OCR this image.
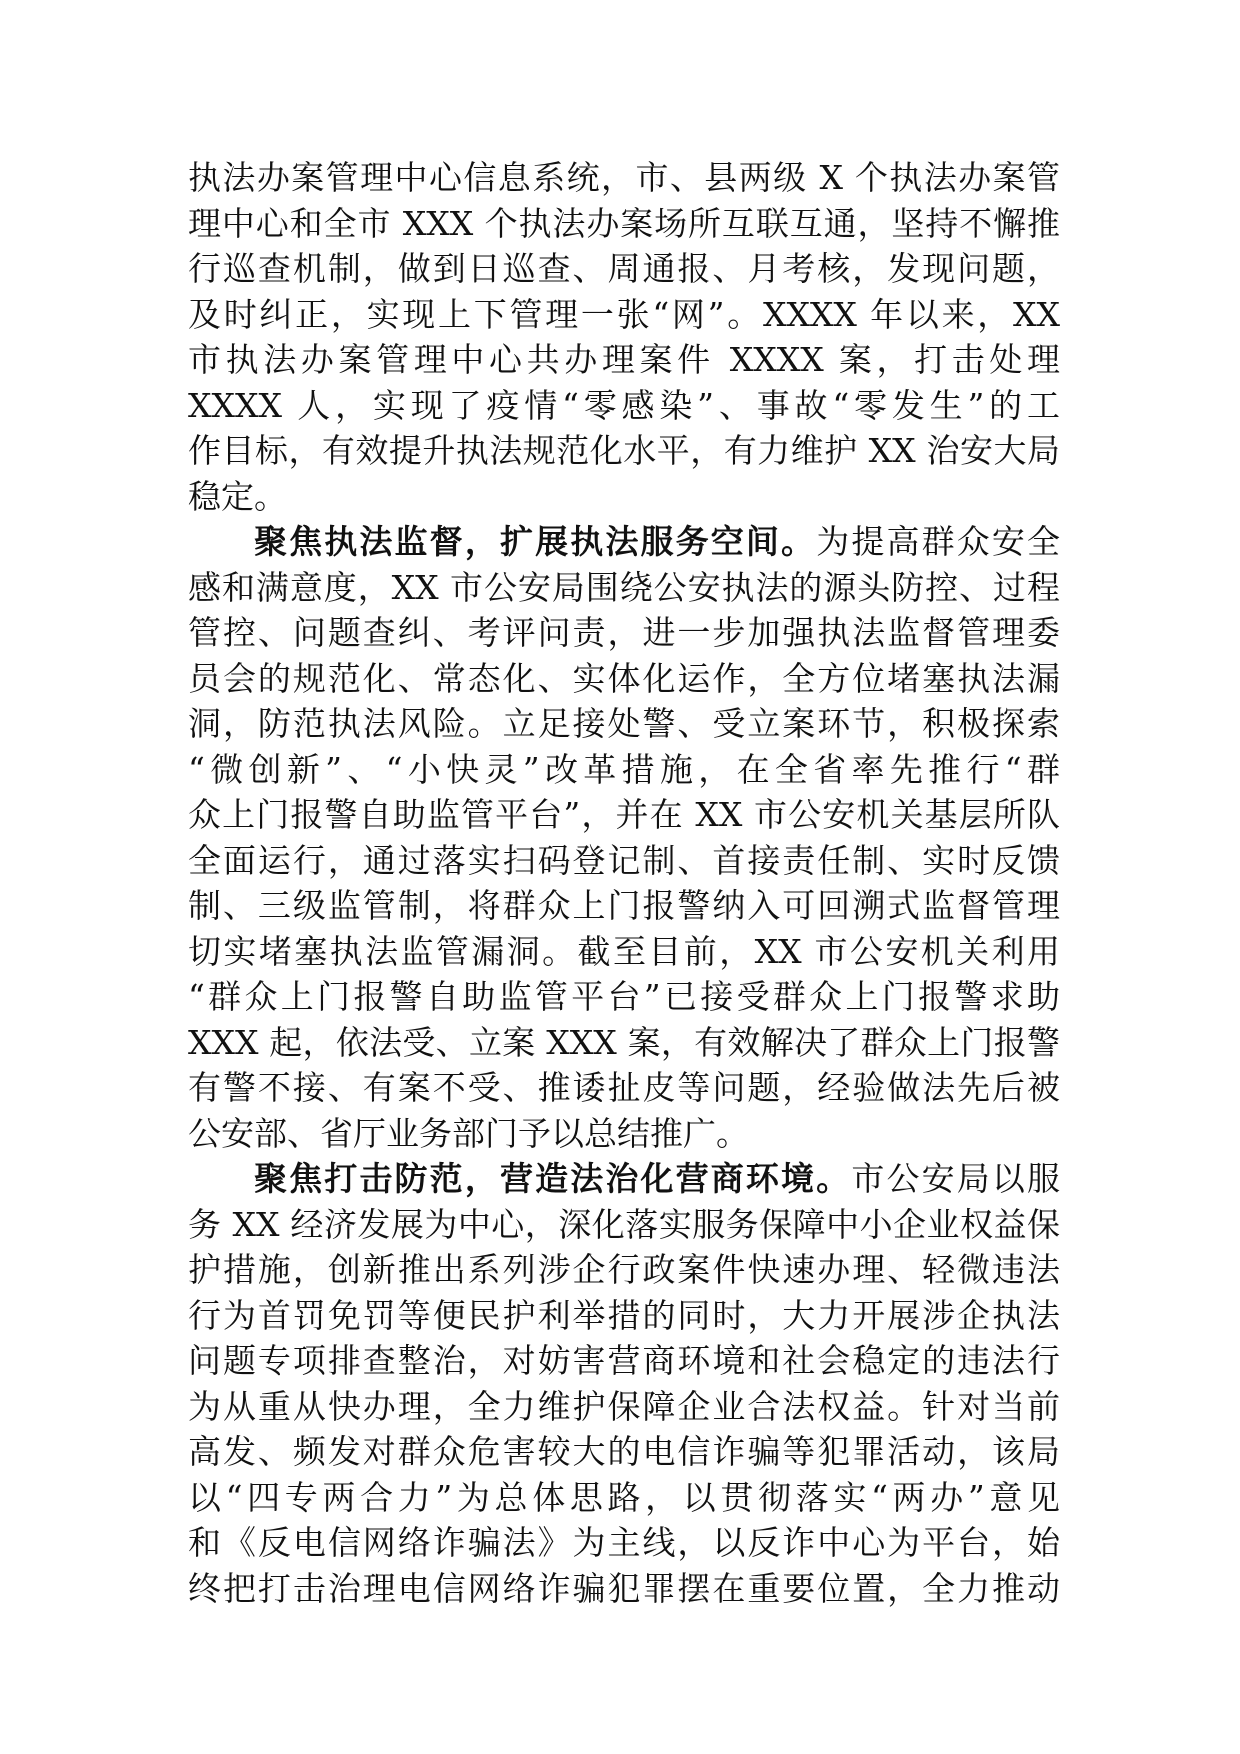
执法办案管理中心信息系统，市、县两级 X 个执法办案管
理中心和全市 XXX 个执法办案场所互联互通，坚持不懈推
行巡查机制，做到日巡查、周通报、月考核，发现问题，
及时纠正，实现上下管理一张“网”。XXXX 年以来，XX
市执法办案管理中心共办理案件 XXXX 案，打击处理
XXXX 人，实现了疫情“零感染”、事故“零发生”的工
作目标，有效提升执法规范化水平，有力维护 XX 治安大局
稳定。
聚焦执法监督，扩展执法服务空间。为提高群众安全
感和满意度，XX 市公安局围绕公安执法的源头防控、过程
管控、问题查纠、考评问责，进一步加强执法监督管理委
员会的规范化、常态化、实体化运作，全方位堵塞执法漏
洞，防范执法风险。立足接处警、受立案环节，积极探索
“微创新”、“小快灵”改革措施，在全省率先推行“群
众上门报警自助监管平台”，并在 XX 市公安机关基层所队
全面运行，通过落实扫码登记制、首接责任制、实时反馈
制、三级监管制，将群众上门报警纳入可回溯式监督管理
切实堵塞执法监管漏洞。截至目前，XX 市公安机关利用
“群众上门报警自助监管平台”已接受群众上门报警求助
XXX 起，依法受、立案 XXX 案，有效解决了群众上门报警
有警不接、有案不受、推诿扯皮等问题，经验做法先后被
公安部、省厅业务部门予以总结推广。
聚焦打击防范，营造法治化营商环境。市公安局以服
务 XX 经济发展为中心，深化落实服务保障中小企业权益保
护措施，创新推出系列涉企行政案件快速办理、轻微违法
行为首罚免罚等便民护利举措的同时，大力开展涉企执法
问题专项排查整治，对妨害营商环境和社会稳定的违法行
为从重从快办理，全力维护保障企业合法权益。针对当前
高发、频发对群众危害较大的电信诈骗等犯罪活动，该局
以“四专两合力”为总体思路，以贯彻落实“两办”意见
和《反电信网络诈骗法》为主线，以反诈中心为平台，始
终把打击治理电信网络诈骗犯罪摆在重要位置，全力推动
